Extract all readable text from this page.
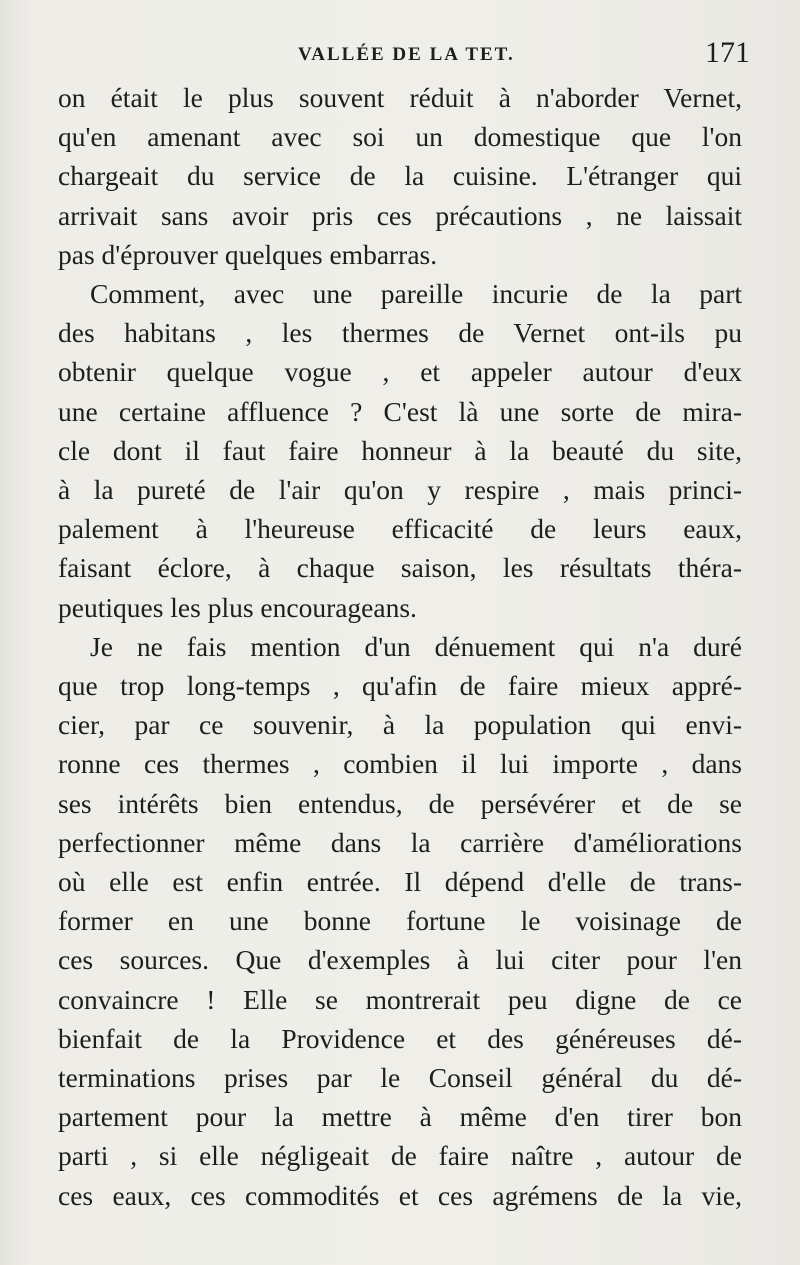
VALLÉE DE LA TET.	171
on était le plus souvent réduit à n'aborder Vernet,
qu'en amenant avec soi un domestique que l'on
chargeait du service de la cuisine. L'étranger qui
arrivait sans avoir pris ces précautions , ne laissait
pas d'éprouver quelques embarras.
Comment, avec une pareille incurie de la part
des habitans , les thermes de Vernet ont-ils pu
obtenir quelque vogue , et appeler autour d'eux
une certaine affluence ? C'est là une sorte de mira-
cle dont il faut faire honneur à la beauté du site,
à la pureté de l'air qu'on y respire , mais princi-
palement à l'heureuse efficacité de leurs eaux,
faisant éclore, à chaque saison, les résultats théra-
peutiques les plus encourageans.
Je ne fais mention d'un dénuement qui n'a duré
que trop long-temps , qu'afin de faire mieux appré-
cier, par ce souvenir, à la population qui envi-
ronne ces thermes , combien il lui importe , dans
ses intérêts bien entendus, de persévérer et de se
perfectionner même dans la carrière d'améliorations
où elle est enfin entrée. Il dépend d'elle de trans-
former en une bonne fortune le voisinage de
ces sources. Que d'exemples à lui citer pour l'en
convaincre ! Elle se montrerait peu digne de ce
bienfait de la Providence et des généreuses dé-
terminations prises par le Conseil général du dé-
partement pour la mettre à même d'en tirer bon
parti , si elle négligeait de faire naître , autour de
ces eaux, ces commodités et ces agrémens de la vie,
